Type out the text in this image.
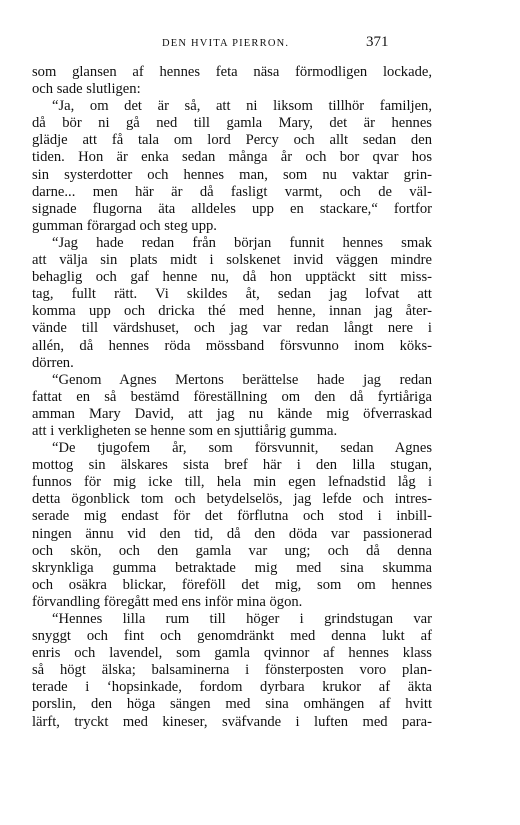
DEN HVITA PIERRON.	371
som glansen af hennes feta näsa förmodligen lockade,
och sade slutligen:
“Ja, om det är så, att ni liksom tillhör familjen,
då bör ni gå ned till gamla Mary, det är hennes
glädje att få tala om lord Percy och allt sedan den
tiden. Hon är enka sedan många år och bor qvar hos
sin systerdotter och hennes man, som nu vaktar grin-
darne... men här är då fasligt varmt, och de väl-
signade flugorna äta alldeles upp en stackare,“ fortfor
gumman förargad och steg upp.
“Jag hade redan från början funnit hennes smak
att välja sin plats midt i solskenet invid väggen mindre
behaglig och gaf henne nu, då hon upptäckt sitt miss-
tag, fullt rätt. Vi skildes åt, sedan jag lofvat att
komma upp och dricka thé med henne, innan jag åter-
vände till värdshuset, och jag var redan långt nere i
allén, då hennes röda mössband försvunno inom köks-
dörren.
“Genom Agnes Mertons berättelse hade jag redan
fattat en så bestämd föreställning om den då fyrtiåriga
amman Mary David, att jag nu kände mig öfverraskad
att i verkligheten se henne som en sjuttiårig gumma.
“De tjugofem år, som försvunnit, sedan Agnes
mottog sin älskares sista bref här i den lilla stugan,
funnos för mig icke till, hela min egen lefnadstid låg i
detta ögonblick tom och betydelselös, jag lefde och intres-
serade mig endast för det förflutna och stod i inbill-
ningen ännu vid den tid, då den döda var passionerad
och skön, och den gamla var ung; och då denna
skrynkliga gumma betraktade mig med sina skumma
och osäkra blickar, föreföll det mig, som om hennes
förvandling föregått med ens inför mina ögon.
“Hennes lilla rum till höger i grindstugan var
snyggt och fint och genomdränkt med denna lukt af
enris och lavendel, som gamla qvinnor af hennes klass
så högt älska; balsaminerna i fönsterposten voro plan-
terade i ‘hopsinkade, fordom dyrbara krukor af äkta
porslin, den höga sängen med sina omhängen af hvitt
lärft, tryckt med kineser, sväfvande i luften med para-
